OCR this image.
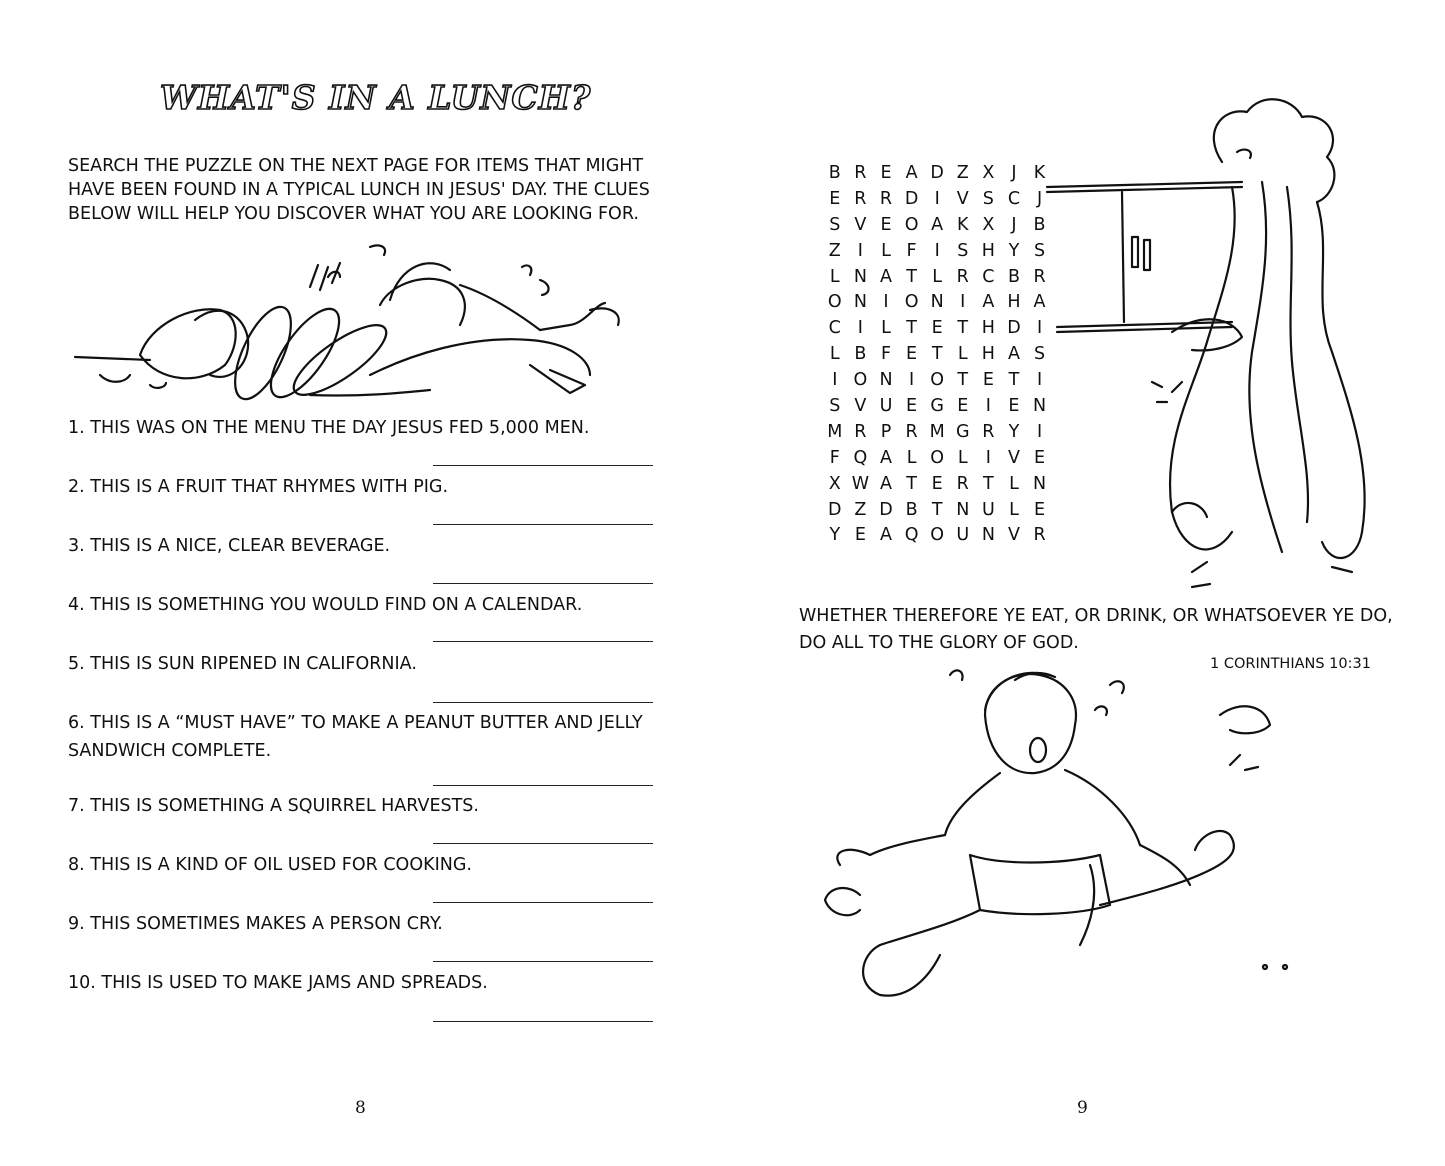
WHAT'S IN A LUNCH?
SEARCH THE PUZZLE ON THE NEXT PAGE FOR ITEMS THAT MIGHT HAVE BEEN FOUND IN A TYPICAL LUNCH IN JESUS' DAY. THE CLUES BELOW WILL HELP YOU DISCOVER WHAT YOU ARE LOOKING FOR.
1. THIS WAS ON THE MENU THE DAY JESUS FED 5,000 MEN.
2. THIS IS A FRUIT THAT RHYMES WITH PIG.
3. THIS IS A NICE, CLEAR BEVERAGE.
4. THIS IS SOMETHING YOU WOULD FIND ON A CALENDAR.
5. THIS IS SUN RIPENED IN CALIFORNIA.
6. THIS IS A “MUST HAVE” TO MAKE A PEANUT BUTTER AND JELLY SANDWICH COMPLETE.
7. THIS IS SOMETHING A SQUIRREL HARVESTS.
8. THIS IS A KIND OF OIL USED FOR COOKING.
9. THIS SOMETIMES MAKES A PERSON CRY.
10. THIS IS USED TO MAKE JAMS AND SPREADS.
8
B R E A D Z X J K
E R R D I V S C J
S V E O A K X J B
Z I	L F	I S H Y S
L N A T L R C B R
O N I O N I A H A
C I	L T E T H D I
L B F E T L H A S
I O N I O T E T	I
S V U E G E I E N
M R P R M G R Y	I
F Q A L O L	I V E
X W A T E R T L N
D Z D B T N U L E
Y E A Q O U N V R
WHETHER THEREFORE YE EAT, OR DRINK, OR WHATSOEVER YE DO, DO ALL TO THE GLORY OF GOD.
1 CORINTHIANS 10:31
9
